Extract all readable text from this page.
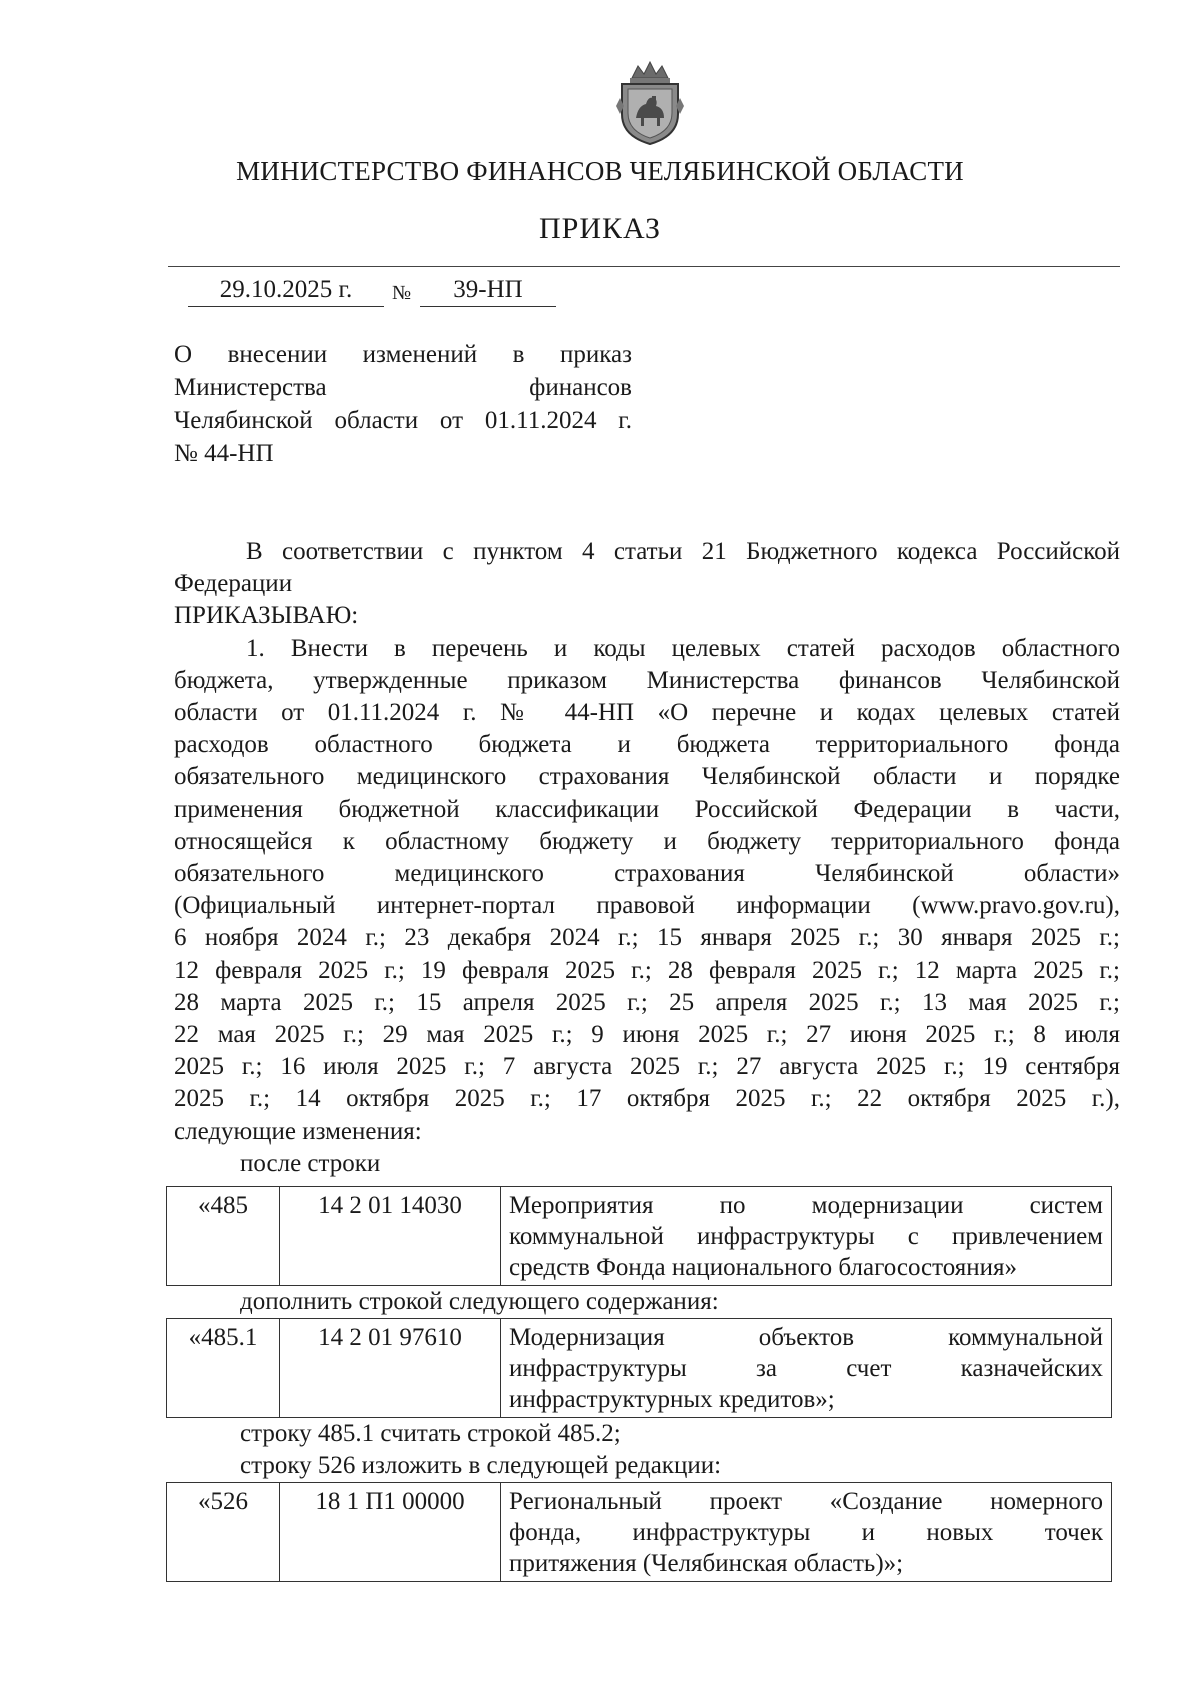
МИНИСТЕРСТВО ФИНАНСОВ ЧЕЛЯБИНСКОЙ ОБЛАСТИ
ПРИКАЗ
29.10.2025 г.	№	39-НП
О внесении изменений в приказ
Министерства финансов
Челябинской области от 01.11.2024 г.
№ 44-НП
В соответствии с пунктом 4 статьи 21 Бюджетного кодекса Российской
Федерации
ПРИКАЗЫВАЮ:
1. Внести в перечень и коды целевых статей расходов областного
бюджета, утвержденные приказом Министерства финансов Челябинской
области от 01.11.2024 г. № 44-НП «О перечне и кодах целевых статей
расходов областного бюджета и бюджета территориального фонда
обязательного медицинского страхования Челябинской области и порядке
применения бюджетной классификации Российской Федерации в части,
относящейся к областному бюджету и бюджету территориального фонда
обязательного медицинского страхования Челябинской области»
(Официальный интернет-портал правовой информации (www.pravo.gov.ru),
6 ноября 2024 г.; 23 декабря 2024 г.; 15 января 2025 г.; 30 января 2025 г.;
12 февраля 2025 г.; 19 февраля 2025 г.; 28 февраля 2025 г.; 12 марта 2025 г.;
28 марта 2025 г.; 15 апреля 2025 г.; 25 апреля 2025 г.; 13 мая 2025 г.;
22 мая 2025 г.; 29 мая 2025 г.; 9 июня 2025 г.; 27 июня 2025 г.; 8 июля
2025 г.; 16 июля 2025 г.; 7 августа 2025 г.; 27 августа 2025 г.; 19 сентября
2025 г.; 14 октября 2025 г.; 17 октября 2025 г.; 22 октября 2025 г.),
следующие изменения:
после строки
«485	14 2 01 14030	Мероприятия по модернизации систем
коммунальной инфраструктуры с привлечением
средств Фонда национального благосостояния»
дополнить строкой следующего содержания:
«485.1	14 2 01 97610	Модернизация объектов коммунальной
инфраструктуры за счет казначейских
инфраструктурных кредитов»;
строку 485.1 считать строкой 485.2;
строку 526 изложить в следующей редакции:
«526	18 1 П1 00000	Региональный проект «Создание номерного
фонда, инфраструктуры и новых точек
притяжения (Челябинская область)»;
